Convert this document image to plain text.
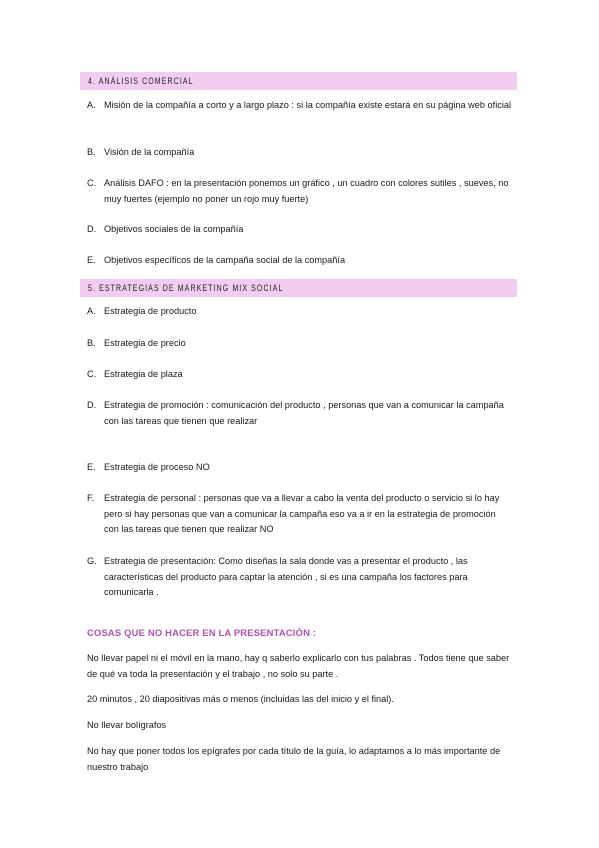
4. ANÁLISIS COMERCIAL
A. Misión de la compañía a corto y a largo plazo : si la compañía existe estará en su página web oficial
B. Visión de la compañía
C. Análisis DAFO : en la presentación ponemos un gráfico , un cuadro con colores sutiles , sueves, no muy fuertes (ejemplo no poner un rojo muy fuerte)
D. Objetivos sociales de la compañía
E. Objetivos específicos de la campaña social de la compañía
5. ESTRATEGIAS DE MARKETING MIX SOCIAL
A. Estrategia de producto
B. Estrategia de precio
C. Estrategia de plaza
D. Estrategia de promoción : comunicación del producto , personas que van a comunicar la campaña con las tareas que tienen que realizar
E. Estrategia de proceso NO
F. Estrategia de personal : personas que va a llevar a cabo la venta del producto o servicio si lo hay pero si hay personas que van a comunicar la campaña eso va a ir en la estrategia de promoción con las tareas que tienen que realizar NO
G. Estrategia de presentación: Como diseñas la sala donde vas a presentar el producto , las características del producto para captar la atención , si es una campaña los factores para comunicarla .
COSAS QUE NO HACER EN LA PRESENTACIÓN :
No llevar papel ni el móvil en la mano, hay q saberlo explicarlo con tus palabras . Todos tiene que saber de qué va toda la presentación y el trabajo , no solo su parte .
20 minutos , 20 diapositivas más o menos (incluidas las del inicio y el final).
No llevar bolígrafos
No hay que poner todos los epígrafes por cada título de la guía, lo adaptamos a lo más importante de nuestro trabajo
